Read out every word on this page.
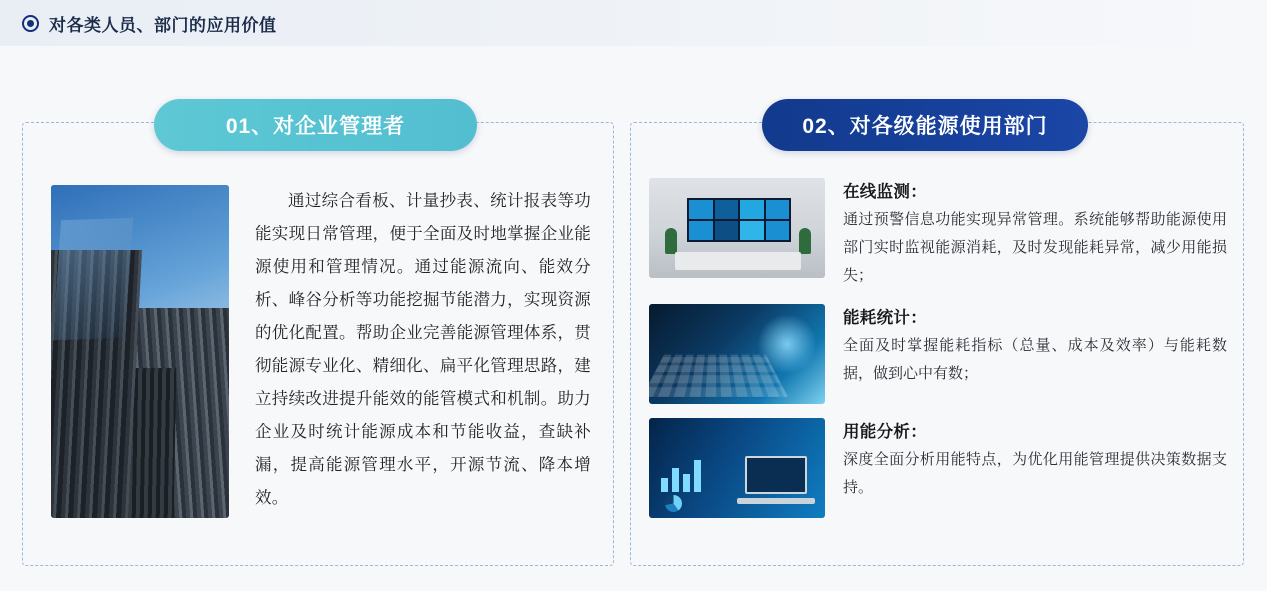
对各类人员、部门的应用价值
01、对企业管理者
通过综合看板、计量抄表、统计报表等功能实现日常管理，便于全面及时地掌握企业能源使用和管理情况。通过能源流向、能效分析、峰谷分析等功能挖掘节能潜力，实现资源的优化配置。帮助企业完善能源管理体系，贯彻能源专业化、精细化、扁平化管理思路，建立持续改进提升能效的能管模式和机制。助力企业及时统计能源成本和节能收益，查缺补漏，提高能源管理水平，开源节流、降本增效。
02、对各级能源使用部门
在线监测：
通过预警信息功能实现异常管理。系统能够帮助能源使用部门实时监视能源消耗，及时发现能耗异常，减少用能损失；
能耗统计：
全面及时掌握能耗指标（总量、成本及效率）与能耗数据，做到心中有数；
用能分析：
深度全面分析用能特点，为优化用能管理提供决策数据支持。
